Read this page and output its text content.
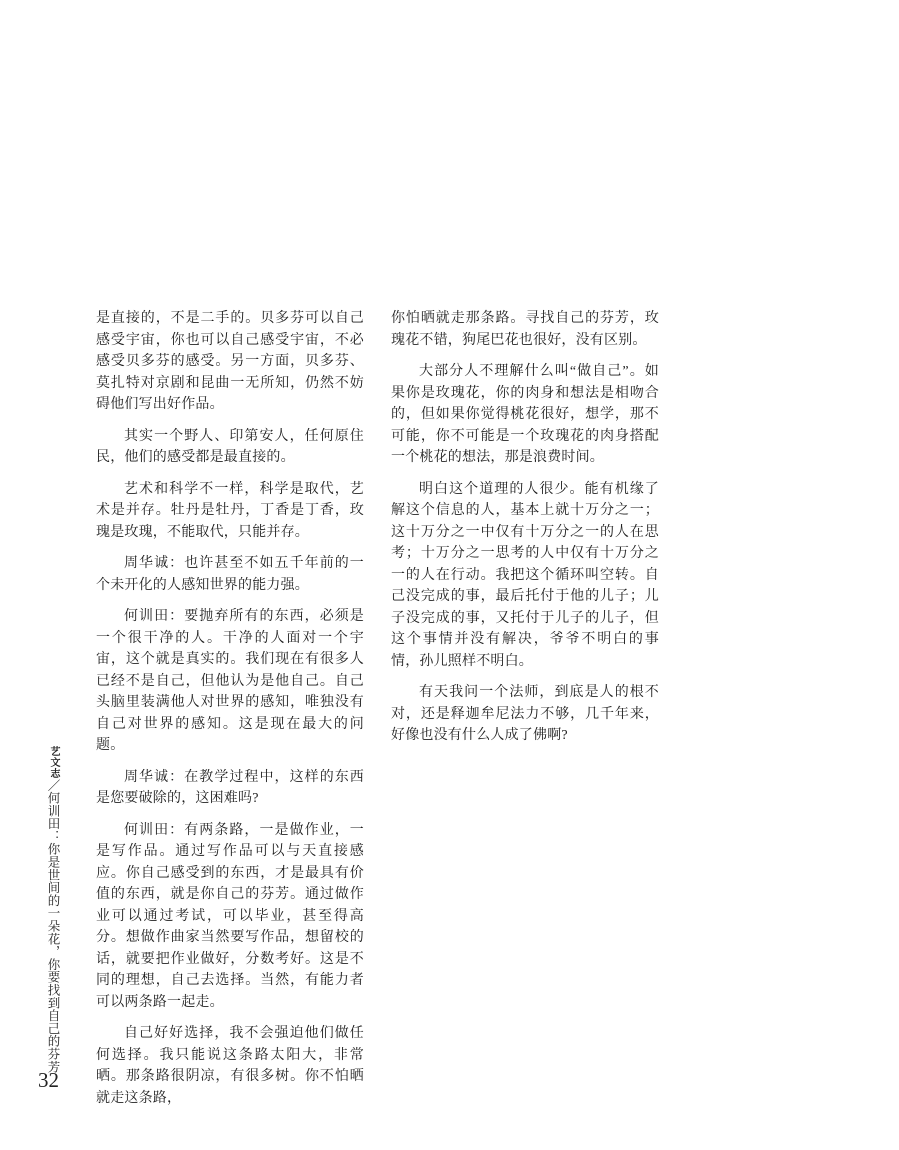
艺文志／何训田：你是世间的一朵花，你要找到自己的芬芳
32

是直接的，不是二手的。贝多芬可以自己感受宇宙，你也可以自己感受宇宙，不必感受贝多芬的感受。另一方面，贝多芬、莫扎特对京剧和昆曲一无所知，仍然不妨碍他们写出好作品。

其实一个野人、印第安人，任何原住民，他们的感受都是最直接的。

艺术和科学不一样，科学是取代，艺术是并存。牡丹是牡丹，丁香是丁香，玫瑰是玫瑰，不能取代，只能并存。

周华诚：也许甚至不如五千年前的一个未开化的人感知世界的能力强。

何训田：要抛弃所有的东西，必须是一个很干净的人。干净的人面对一个宇宙，这个就是真实的。我们现在有很多人已经不是自己，但他认为是他自己。自己头脑里装满他人对世界的感知，唯独没有自己对世界的感知。这是现在最大的问题。

周华诚：在教学过程中，这样的东西是您要破除的，这困难吗?

何训田：有两条路，一是做作业，一是写作品。通过写作品可以与天直接感应。你自己感受到的东西，才是最具有价值的东西，就是你自己的芬芳。通过做作业可以通过考试，可以毕业，甚至得高分。想做作曲家当然要写作品，想留校的话，就要把作业做好，分数考好。这是不同的理想，自己去选择。当然，有能力者可以两条路一起走。

自己好好选择，我不会强迫他们做任何选择。我只能说这条路太阳大，非常晒。那条路很阴凉，有很多树。你不怕晒就走这条路，

你怕晒就走那条路。寻找自己的芬芳，玫瑰花不错，狗尾巴花也很好，没有区别。

大部分人不理解什么叫“做自己”。如果你是玫瑰花，你的肉身和想法是相吻合的，但如果你觉得桃花很好，想学，那不可能，你不可能是一个玫瑰花的肉身搭配一个桃花的想法，那是浪费时间。

明白这个道理的人很少。能有机缘了解这个信息的人，基本上就十万分之一；这十万分之一中仅有十万分之一的人在思考；十万分之一思考的人中仅有十万分之一的人在行动。我把这个循环叫空转。自己没完成的事，最后托付于他的儿子；儿子没完成的事，又托付于儿子的儿子，但这个事情并没有解决，爷爷不明白的事情，孙儿照样不明白。

有天我问一个法师，到底是人的根不对，还是释迦牟尼法力不够，几千年来，好像也没有什么人成了佛啊?
